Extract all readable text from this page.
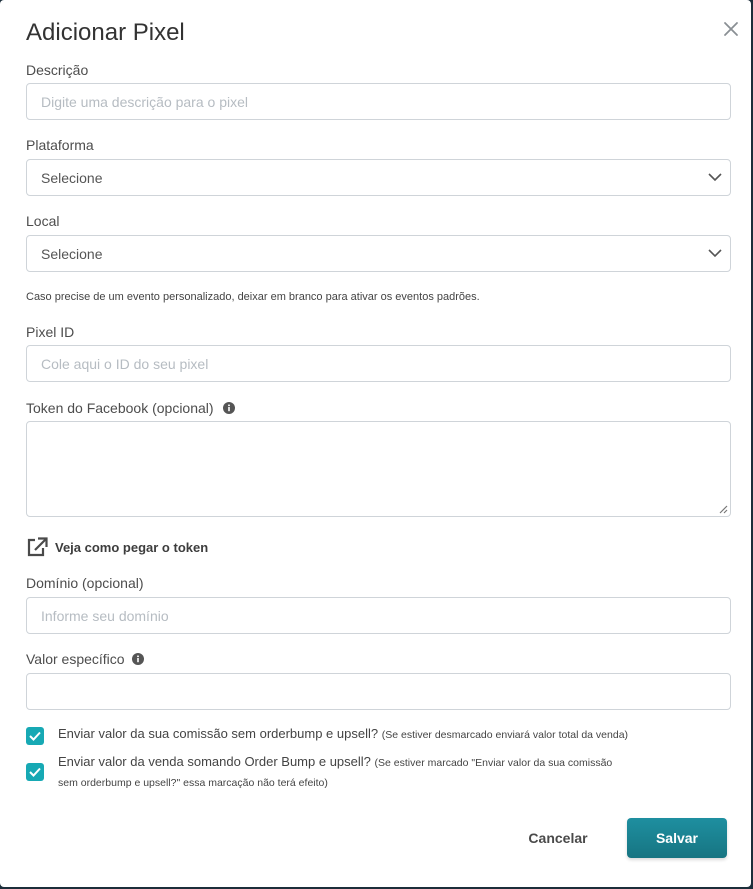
Adicionar Pixel
Descrição
Digite uma descrição para o pixel
Plataforma
Selecione
Local
Selecione
Caso precise de um evento personalizado, deixar em branco para ativar os eventos padrões.
Pixel ID
Cole aqui o ID do seu pixel
Token do Facebook (opcional)
Veja como pegar o token
Domínio (opcional)
Informe seu domínio
Valor específico
Enviar valor da sua comissão sem orderbump e upsell? (Se estiver desmarcado enviará valor total da venda)
Enviar valor da venda somando Order Bump e upsell? (Se estiver marcado "Enviar valor da sua comissão
sem orderbump e upsell?" essa marcação não terá efeito)
Cancelar	Salvar
